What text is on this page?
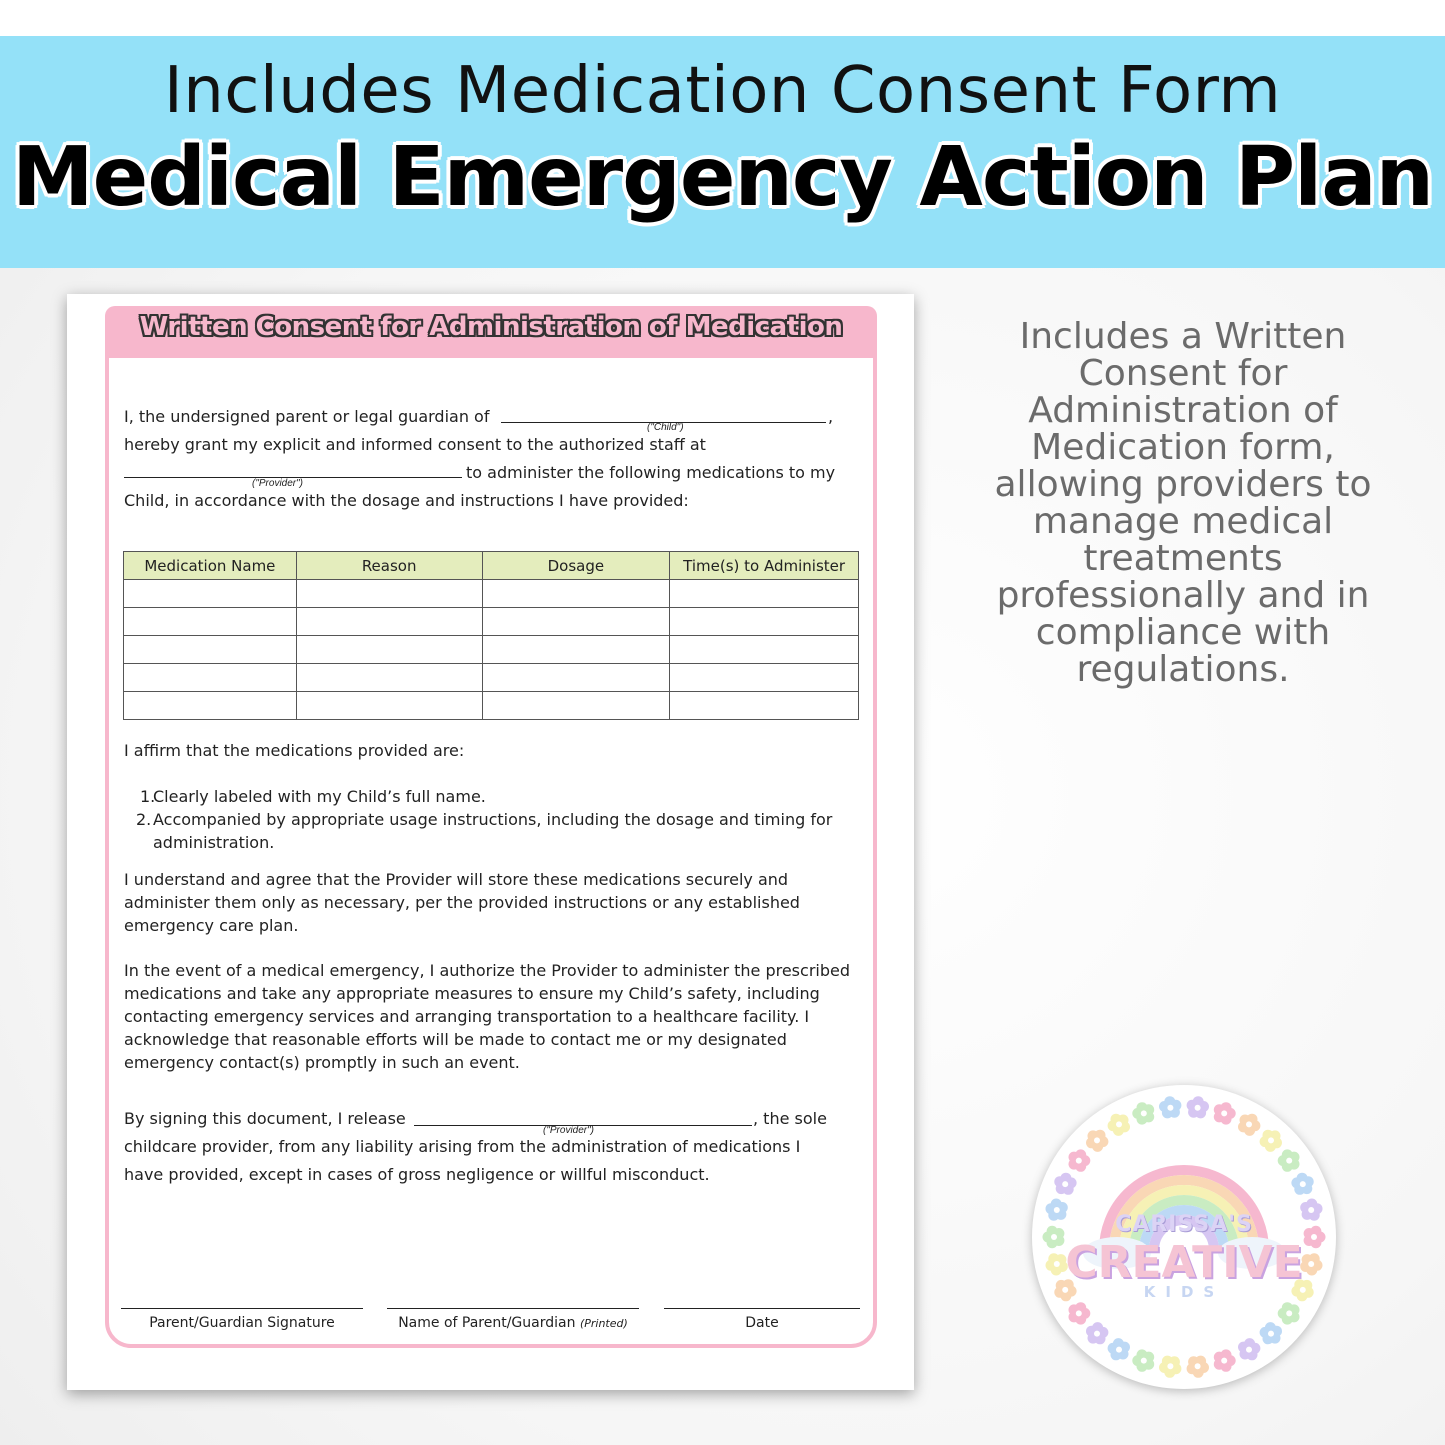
Includes Medication Consent Form
Medical Emergency Action Plan
Written Consent for Administration of Medication
I, the undersigned parent or legal guardian of	,
("Child")
hereby grant my explicit and informed consent to the authorized staff at
("Provider")
to administer the following medications to my
Child, in accordance with the dosage and instructions I have provided:
Medication Name	Reason	Dosage	Time(s) to Administer

I affirm that the medications provided are:
1.
Clearly labeled with my Child’s full name.
2. Accompanied by appropriate usage instructions, including the dosage and timing for administration.
I understand and agree that the Provider will store these medications securely and administer them only as necessary, per the provided instructions or any established emergency care plan.
In the event of a medical emergency, I authorize the Provider to administer the prescribed medications and take any appropriate measures to ensure my Child’s safety, including contacting emergency services and arranging transportation to a healthcare facility. I acknowledge that reasonable efforts will be made to contact me or my designated emergency contact(s) promptly in such an event.
By signing this document, I release
("Provider")
, the sole
childcare provider, from any liability arising from the administration of medications I
have provided, except in cases of gross negligence or willful misconduct.
Parent/Guardian Signature	Name of Parent/Guardian (Printed)	Date
Includes a Written Consent for Administration of Medication form, allowing providers to manage medical treatments professionally and in compliance with regulations.
CARISSA'S
CREATIVE
KIDS
